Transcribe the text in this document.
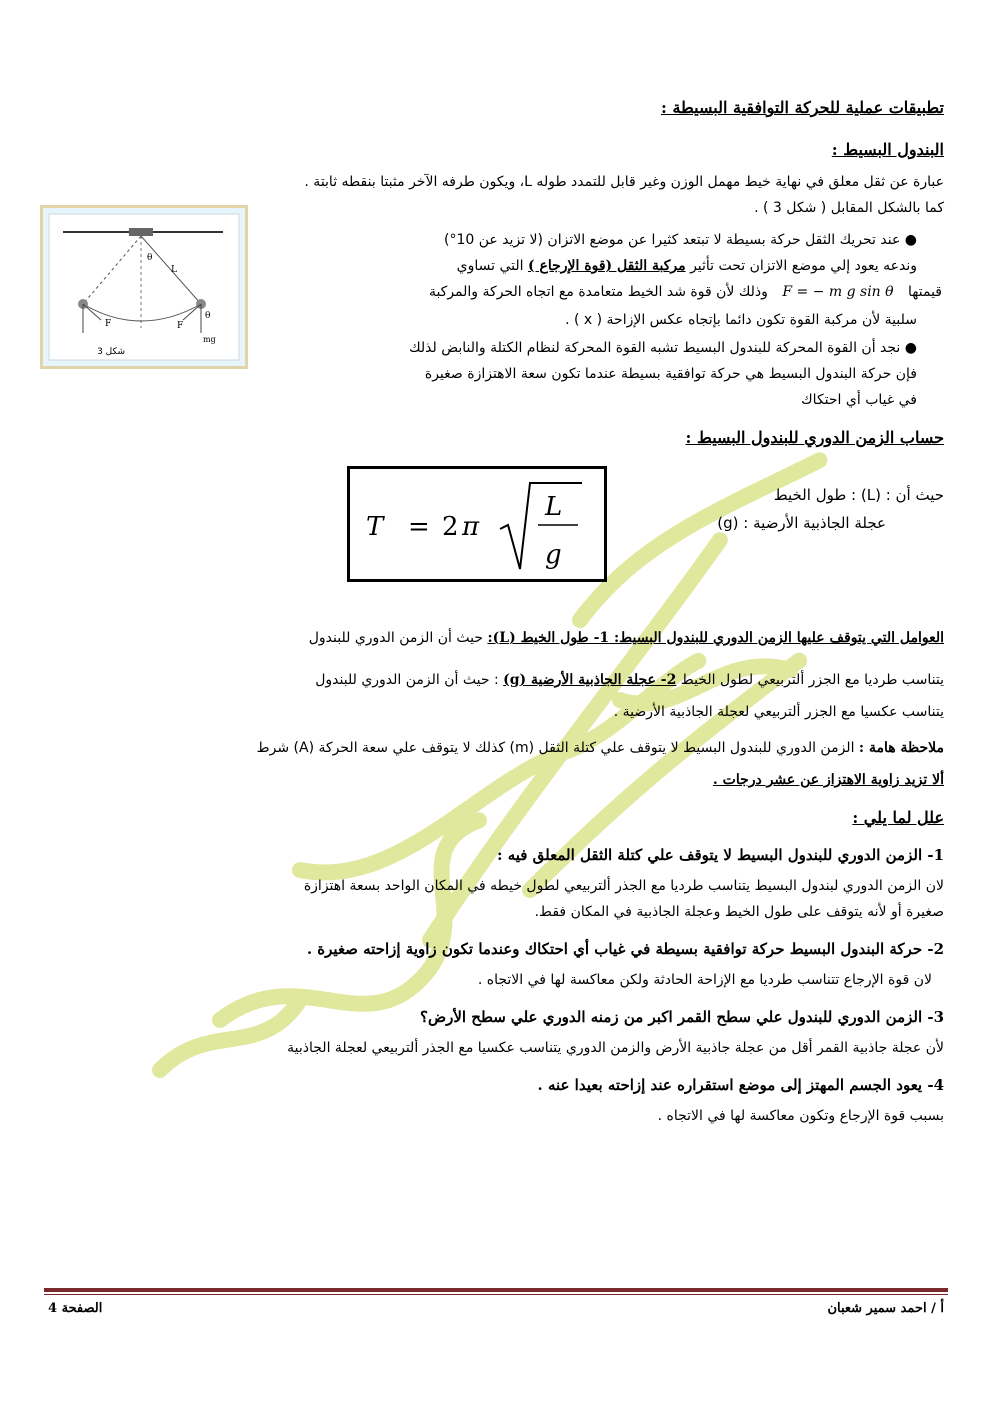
تطبيقات عملية للحركة التوافقية البسيطة :
البندول البسيط :
عبارة عن ثقل معلق في نهاية خيط مهمل الوزن وغير قابل للتمدد طوله L، ويكون طرفه الآخر مثبتا بنقطه ثابتة .
كما بالشكل المقابل ( شكل 3 ) .
θ
L
F	F
mg
θ
شكل 3
● عند تحريك الثقل حركة بسيطة لا تبتعد كثيرا عن موضع الاتزان (لا تزيد عن 10°)
وندعه يعود إلي موضع الاتزان تحت تأثير مركبة الثقل (قوة الإرجاع ) التي تساوي
قيمتها F = − m g sin θ وذلك لأن قوة شد الخيط متعامدة مع اتجاه الحركة والمركبة
سلبية لأن مركبة القوة تكون دائما بإتجاه عكس الإزاحة ( x ) .
● نجد أن القوة المحركة للبندول البسيط تشبه القوة المحركة لنظام الكتلة والنابض لذلك
فإن حركة البندول البسيط هي حركة توافقية بسيطة عندما تكون سعة الاهتزازة صغيرة
في غياب أي احتكاك
حساب الزمن الدوري للبندول البسيط :
T = 2 π
L
g
حيث أن : (L) : طول الخيط
(g) : عجلة الجاذبية الأرضية
العوامل التي يتوقف عليها الزمن الدوري للبندول البسيط: 1- طول الخيط (L): حيث أن الزمن الدوري للبندول
يتناسب طرديا مع الجزر ألتربيعي لطول الخيط 2- عجلة الجاذبية الأرضية (g) : حيث أن الزمن الدوري للبندول
يتناسب عكسيا مع الجزر ألتربيعي لعجلة الجاذبية الأرضية .
ملاحظة هامة : الزمن الدوري للبندول البسيط لا يتوقف علي كتلة الثقل (m) كذلك لا يتوقف علي سعة الحركة (A) شرط
ألا تزيد زاوية الاهتزاز عن عشر درجات .
علل لما يلي :
1- الزمن الدوري للبندول البسيط لا يتوقف علي كتلة الثقل المعلق فيه :
لان الزمن الدوري لبندول البسيط يتناسب طرديا مع الجذر ألتربيعي لطول خيطه في المكان الواحد بسعة اهتزازة
صغيرة أو لأنه يتوقف على طول الخيط وعجلة الجاذبية في المكان فقط.
2- حركة البندول البسيط حركة توافقية بسيطة في غياب أي احتكاك وعندما تكون زاوية إزاحته صغيرة .
لان قوة الإرجاع تتناسب طرديا مع الإزاحة الحادثة ولكن معاكسة لها في الاتجاه .
3- الزمن الدوري للبندول علي سطح القمر اكبر من زمنه الدوري علي سطح الأرض؟
لأن عجلة جاذبية القمر أقل من عجلة جاذبية الأرض والزمن الدوري يتناسب عكسيا مع الجذر ألتربيعي لعجلة الجاذبية
4- يعود الجسم المهتز إلى موضع استقراره عند إزاحته بعيدا عنه .
بسبب قوة الإرجاع وتكون معاكسة لها في الاتجاه .
أ / احمد سمير شعبان
الصفحة 4
